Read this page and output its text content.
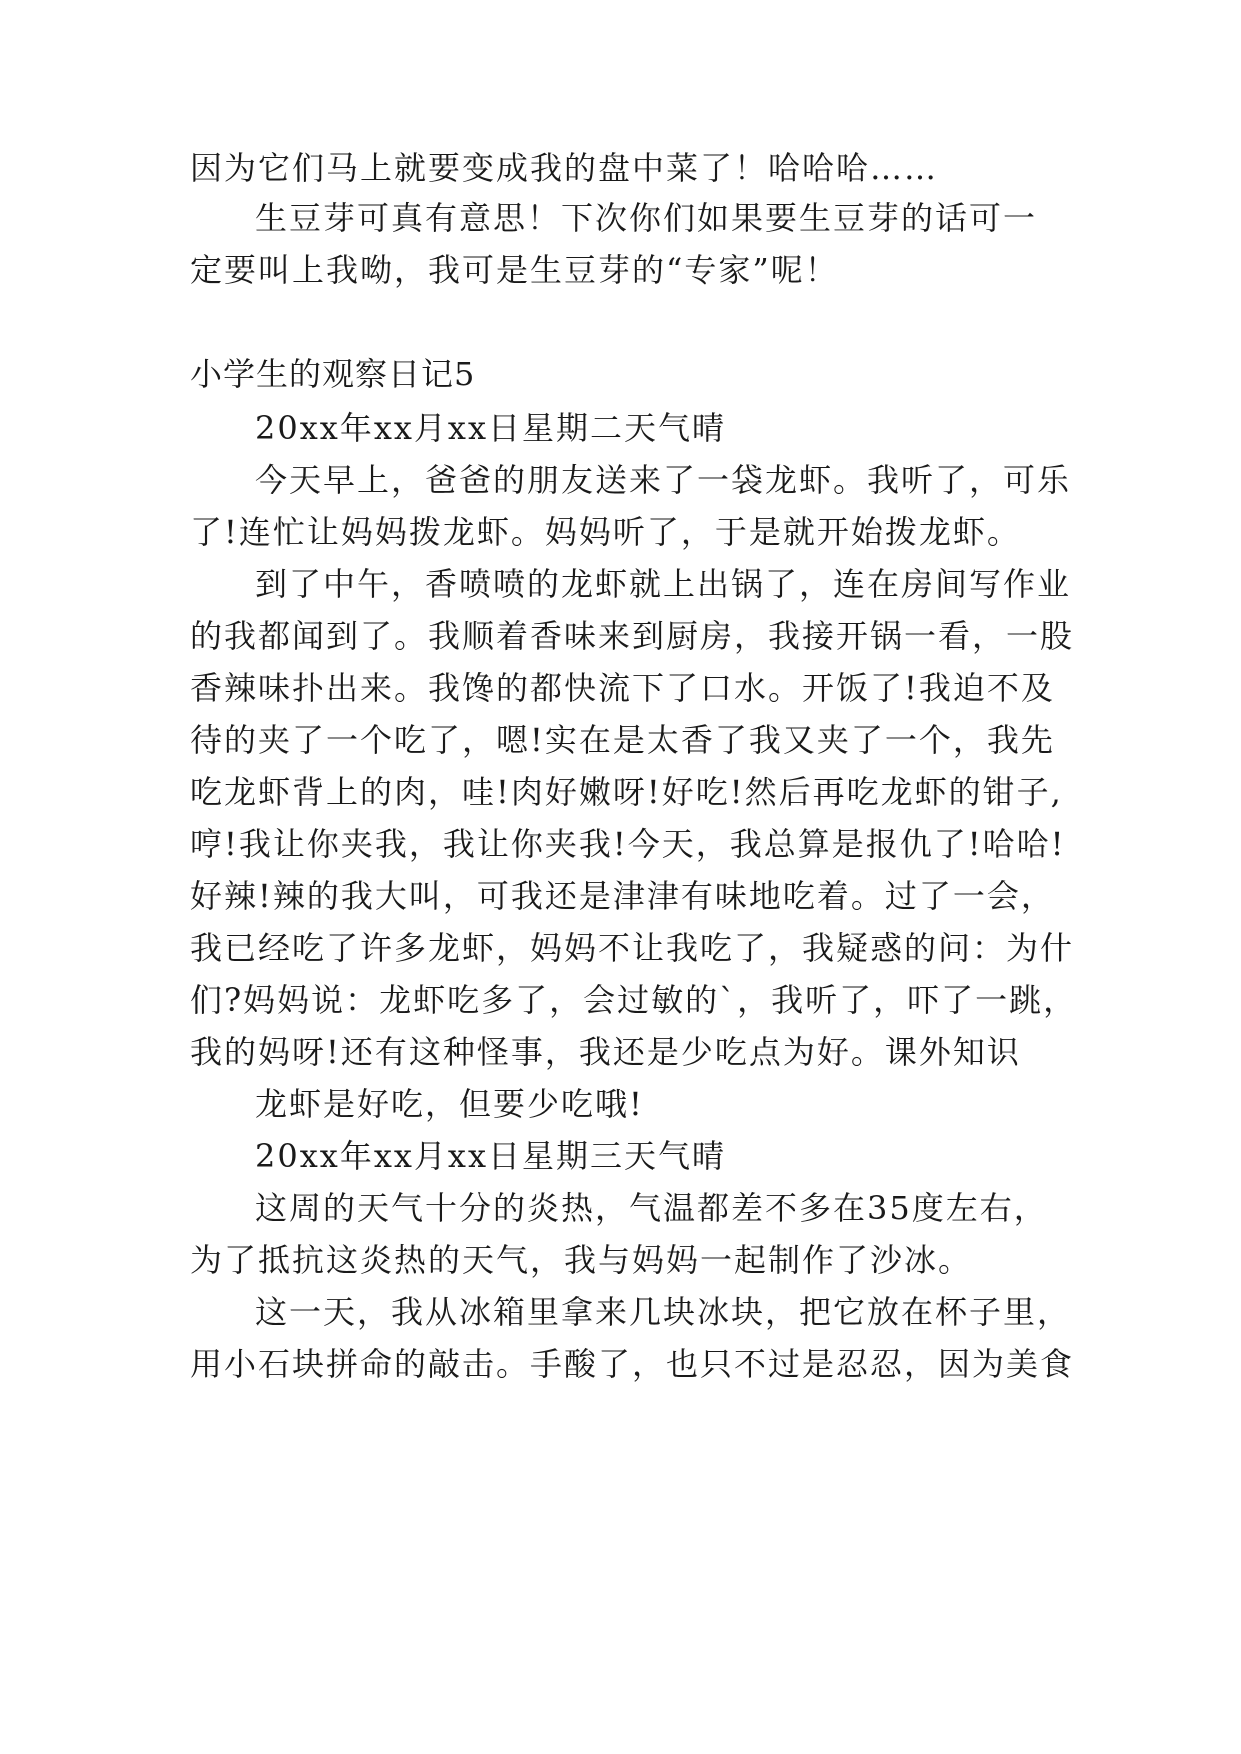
因为它们马上就要变成我的盘中菜了！哈哈哈……
生豆芽可真有意思！下次你们如果要生豆芽的话可一
定要叫上我呦，我可是生豆芽的“专家”呢！
小学生的观察日记5
20xx年xx月xx日星期二天气晴
今天早上，爸爸的朋友送来了一袋龙虾。我听了，可乐
了!连忙让妈妈拨龙虾。妈妈听了，于是就开始拨龙虾。
到了中午，香喷喷的龙虾就上出锅了，连在房间写作业
的我都闻到了。我顺着香味来到厨房，我接开锅一看，一股
香辣味扑出来。我馋的都快流下了口水。开饭了!我迫不及
待的夹了一个吃了，嗯!实在是太香了我又夹了一个，我先
吃龙虾背上的肉，哇!肉好嫩呀!好吃!然后再吃龙虾的钳子,
哼!我让你夹我，我让你夹我!今天，我总算是报仇了!哈哈!
好辣!辣的我大叫，可我还是津津有味地吃着。过了一会，
我已经吃了许多龙虾，妈妈不让我吃了，我疑惑的问：为什
们?妈妈说：龙虾吃多了，会过敏的`，我听了，吓了一跳，
我的妈呀!还有这种怪事，我还是少吃点为好。课外知识
龙虾是好吃，但要少吃哦!
20xx年xx月xx日星期三天气晴
这周的天气十分的炎热，气温都差不多在35度左右，
为了抵抗这炎热的天气，我与妈妈一起制作了沙冰。
这一天，我从冰箱里拿来几块冰块，把它放在杯子里，
用小石块拼命的敲击。手酸了，也只不过是忍忍，因为美食
